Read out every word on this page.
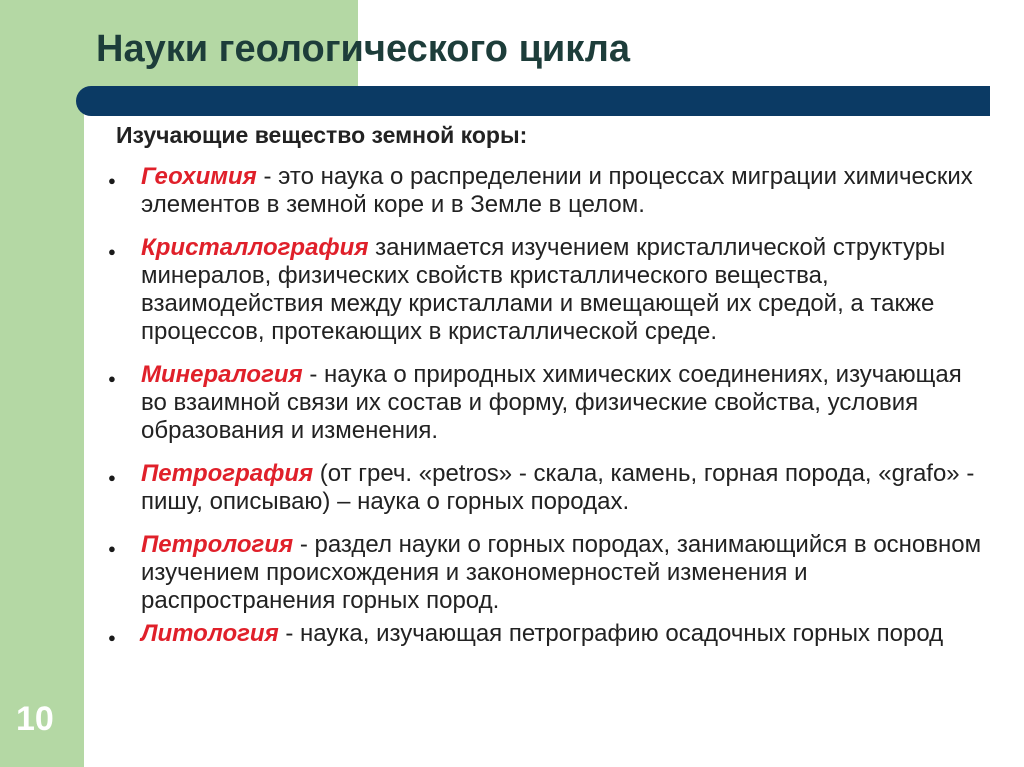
Науки геологического цикла
10
Изучающие вещество земной коры:
● Геохимия - это наука о распределении и процессах миграции химических элементов в земной коре и в Земле в целом.
● Кристаллография занимается изучением кристаллической структуры минералов, физических свойств кристаллического вещества, взаимодействия между кристаллами и вмещающей их средой, а также процессов, протекающих в кристаллической среде.
● Минералогия - наука о природных химических соединениях, изучающая во взаимной связи их состав и форму, физические свойства, условия образования и изменения.
● Петрография (от греч. «petros» - скала, камень, горная порода, «grafo» - пишу, описываю) – наука о горных породах.
● Петрология - раздел науки о горных породах, занимающийся в основном изучением происхождения и закономерностей изменения и распространения горных пород.
● Литология - наука, изучающая петрографию осадочных горных пород
